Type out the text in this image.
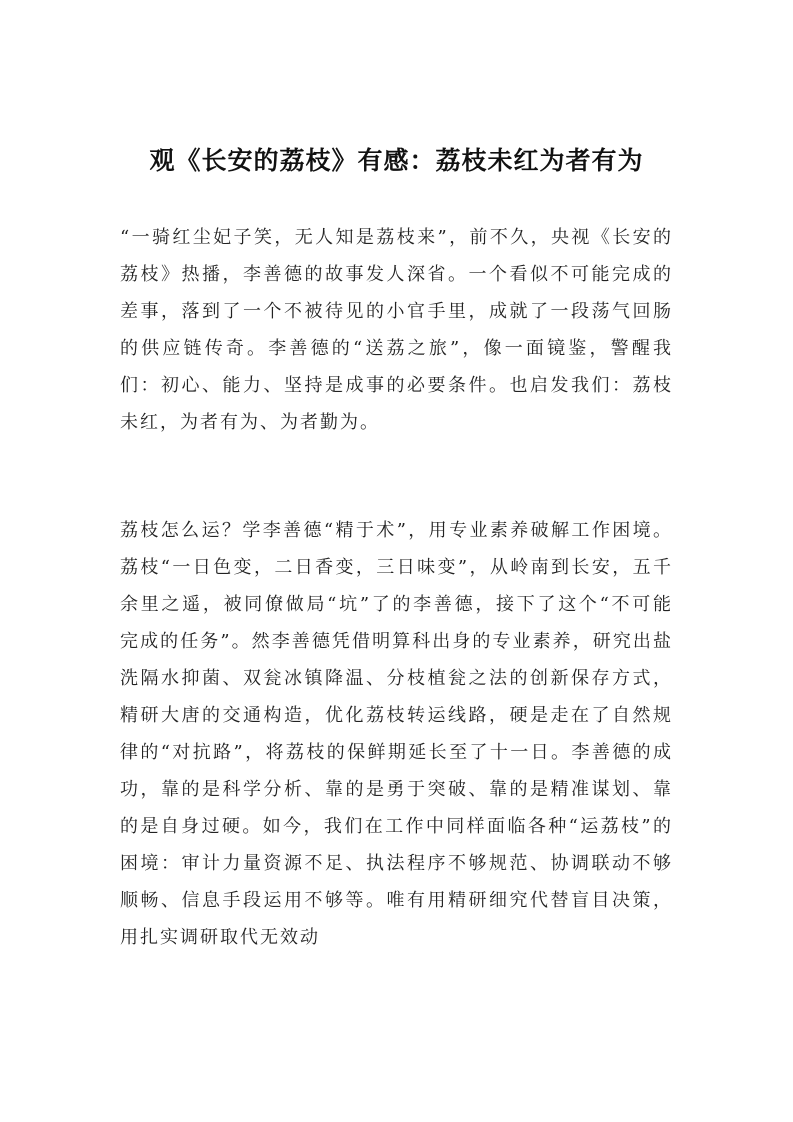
观《长安的荔枝》有感：荔枝未红为者有为

“一骑红尘妃子笑，无人知是荔枝来”，前不久，央视《长安的荔枝》热播，李善德的故事发人深省。一个看似不可能完成的差事，落到了一个不被待见的小官手里，成就了一段荡气回肠的供应链传奇。李善德的“送荔之旅”，像一面镜鉴，警醒我们：初心、能力、坚持是成事的必要条件。也启发我们：荔枝未红，为者有为、为者勤为。

荔枝怎么运？学李善德“精于术”，用专业素养破解工作困境。荔枝“一日色变，二日香变，三日味变”，从岭南到长安，五千余里之遥，被同僚做局“坑”了的李善德，接下了这个“不可能完成的任务”。然李善德凭借明算科出身的专业素养，研究出盐洗隔水抑菌、双瓮冰镇降温、分枝植瓮之法的创新保存方式，精研大唐的交通构造，优化荔枝转运线路，硬是走在了自然规律的“对抗路”，将荔枝的保鲜期延长至了十一日。李善德的成功，靠的是科学分析、靠的是勇于突破、靠的是精准谋划、靠的是自身过硬。如今，我们在工作中同样面临各种“运荔枝”的困境：审计力量资源不足、执法程序不够规范、协调联动不够顺畅、信息手段运用不够等。唯有用精研细究代替盲目决策，用扎实调研取代无效动
